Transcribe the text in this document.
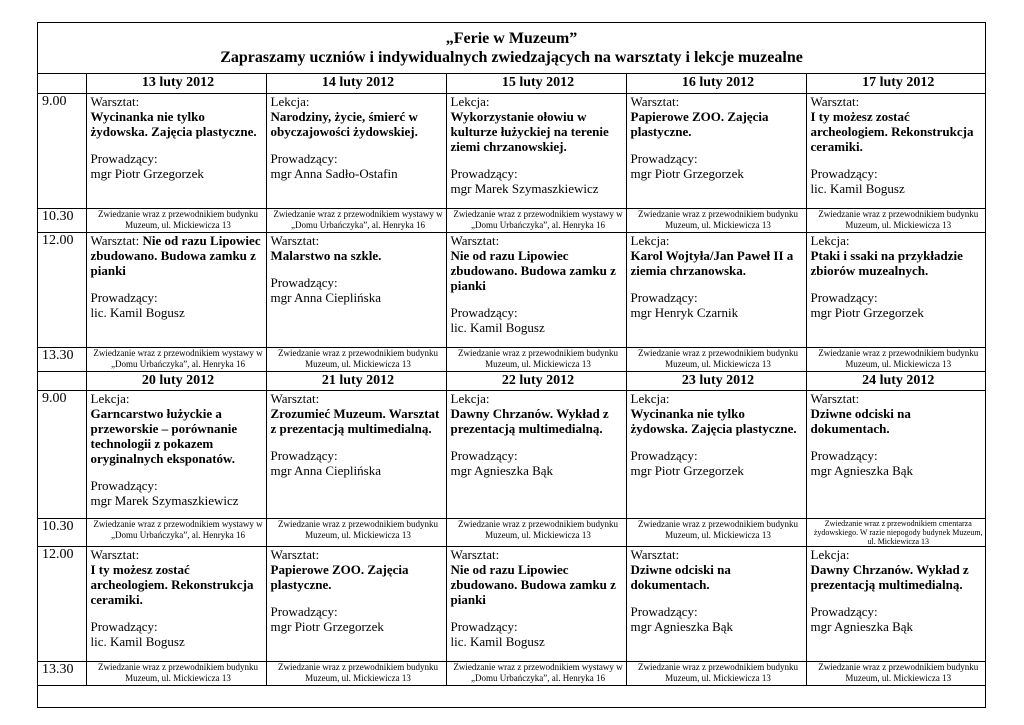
„Ferie w Muzeum”
Zapraszamy uczniów i indywidualnych zwiedzających na warsztaty i lekcje muzealne
	13 luty 2012	14 luty 2012	15 luty 2012	16 luty 2012	17 luty 2012
9.00	Warsztat:
Wycinanka nie tylko żydowska. Zajęcia plastyczne.
Prowadzący:
mgr Piotr Grzegorzek	Lekcja:
Narodziny, życie, śmierć w obyczajowości żydowskiej.
Prowadzący:
mgr Anna Sadło-Ostafin	Lekcja:
Wykorzystanie ołowiu w kulturze łużyckiej na terenie ziemi chrzanowskiej.
Prowadzący:
mgr Marek Szymaszkiewicz	Warsztat:
Papierowe ZOO. Zajęcia plastyczne.
Prowadzący:
mgr Piotr Grzegorzek	Warsztat:
I ty możesz zostać archeologiem. Rekonstrukcja ceramiki.
Prowadzący:
lic. Kamil Bogusz

10.30	Zwiedzanie wraz z przewodnikiem budynku Muzeum, ul. Mickiewicza 13	Zwiedzanie wraz z przewodnikiem wystawy w „Domu Urbańczyka”, al. Henryka 16	Zwiedzanie wraz z przewodnikiem wystawy w „Domu Urbańczyka”, al. Henryka 16	Zwiedzanie wraz z przewodnikiem budynku Muzeum, ul. Mickiewicza 13	Zwiedzanie wraz z przewodnikiem budynku Muzeum, ul. Mickiewicza 13
12.00	Warsztat: Nie od razu Lipowiec zbudowano. Budowa zamku z pianki
Prowadzący:
lic. Kamil Bogusz	Warsztat:
Malarstwo na szkle.
Prowadzący:
mgr Anna Cieplińska	Warsztat:
Nie od razu Lipowiec zbudowano. Budowa zamku z pianki
Prowadzący:
lic. Kamil Bogusz	Lekcja:
Karol Wojtyła/Jan Paweł II a ziemia chrzanowska.
Prowadzący:
mgr Henryk Czarnik	Lekcja:
Ptaki i ssaki na przykładzie zbiorów muzealnych.
Prowadzący:
mgr Piotr Grzegorzek

13.30	Zwiedzanie wraz z przewodnikiem wystawy w „Domu Urbańczyka”, al. Henryka 16	Zwiedzanie wraz z przewodnikiem budynku Muzeum, ul. Mickiewicza 13	Zwiedzanie wraz z przewodnikiem budynku Muzeum, ul. Mickiewicza 13	Zwiedzanie wraz z przewodnikiem budynku Muzeum, ul. Mickiewicza 13	Zwiedzanie wraz z przewodnikiem budynku Muzeum, ul. Mickiewicza 13
	20 luty 2012	21 luty 2012	22 luty 2012	23 luty 2012	24 luty 2012
9.00	Lekcja:
Garncarstwo łużyckie a przeworskie – porównanie technologii z pokazem oryginalnych eksponatów.
Prowadzący:
mgr Marek Szymaszkiewicz	Warsztat:
Zrozumieć Muzeum. Warsztat z prezentacją multimedialną.
Prowadzący:
mgr Anna Cieplińska	Lekcja:
Dawny Chrzanów. Wykład z prezentacją multimedialną.
Prowadzący:
mgr Agnieszka Bąk	Lekcja:
Wycinanka nie tylko żydowska. Zajęcia plastyczne.
Prowadzący:
mgr Piotr Grzegorzek	Warsztat:
Dziwne odciski na dokumentach.
Prowadzący:
mgr Agnieszka Bąk

10.30	Zwiedzanie wraz z przewodnikiem wystawy w „Domu Urbańczyka”, al. Henryka 16	Zwiedzanie wraz z przewodnikiem budynku Muzeum, ul. Mickiewicza 13	Zwiedzanie wraz z przewodnikiem budynku Muzeum, ul. Mickiewicza 13	Zwiedzanie wraz z przewodnikiem budynku Muzeum, ul. Mickiewicza 13	Zwiedzanie wraz z przewodnikiem cmentarza żydowskiego. W razie niepogody budynek Muzeum, ul. Mickiewicza 13
12.00	Warsztat:
I ty możesz zostać archeologiem. Rekonstrukcja ceramiki.
Prowadzący:
lic. Kamil Bogusz	Warsztat:
Papierowe ZOO. Zajęcia plastyczne.
Prowadzący:
mgr Piotr Grzegorzek	Warsztat:
Nie od razu Lipowiec zbudowano. Budowa zamku z pianki
Prowadzący:
lic. Kamil Bogusz	Warsztat:
Dziwne odciski na dokumentach.
Prowadzący:
mgr Agnieszka Bąk	Lekcja:
Dawny Chrzanów. Wykład z prezentacją multimedialną.
Prowadzący:
mgr Agnieszka Bąk

13.30	Zwiedzanie wraz z przewodnikiem budynku Muzeum, ul. Mickiewicza 13	Zwiedzanie wraz z przewodnikiem budynku Muzeum, ul. Mickiewicza 13	Zwiedzanie wraz z przewodnikiem wystawy w „Domu Urbańczyka”, al. Henryka 16	Zwiedzanie wraz z przewodnikiem budynku Muzeum, ul. Mickiewicza 13	Zwiedzanie wraz z przewodnikiem budynku Muzeum, ul. Mickiewicza 13
